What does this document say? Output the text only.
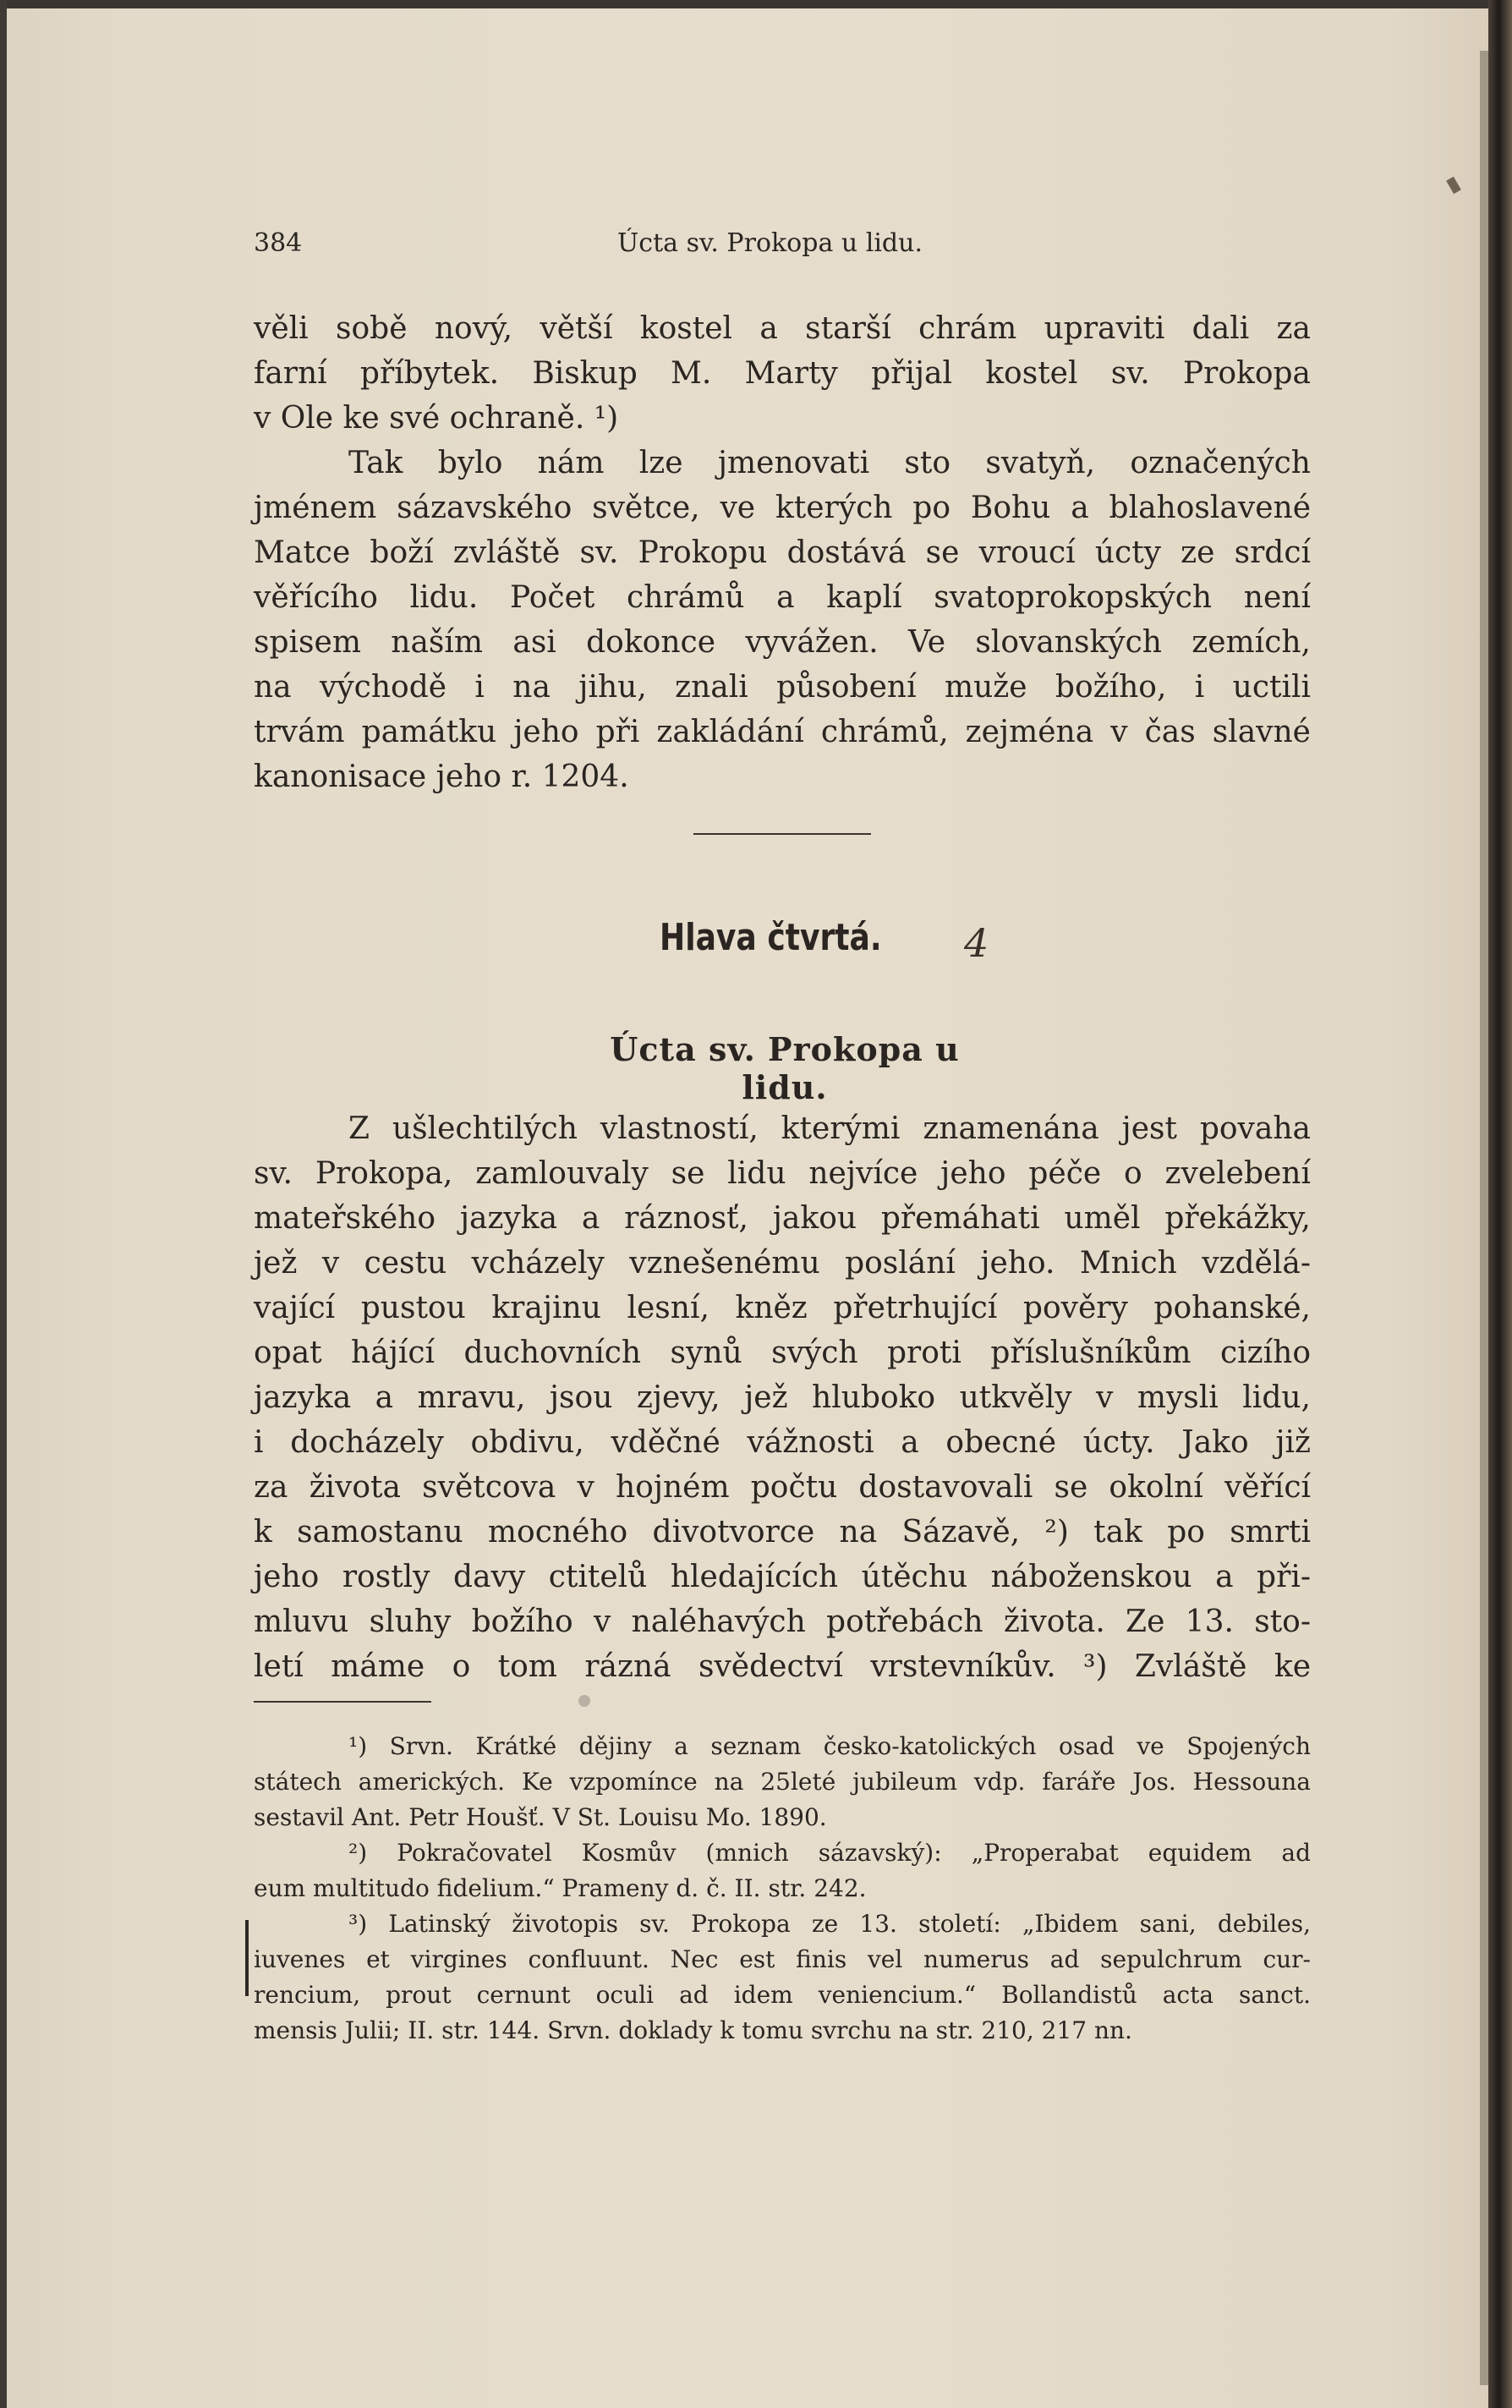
384	Úcta sv. Prokopa u lidu.
věli sobě nový, větší kostel a starší chrám upraviti dali za
farní příbytek. Biskup M. Marty přijal kostel sv. Prokopa
v Ole ke své ochraně. ¹)
Tak bylo nám lze jmenovati sto svatyň, označených
jménem sázavského světce, ve kterých po Bohu a blahoslavené
Matce boží zvláště sv. Prokopu dostává se vroucí úcty ze srdcí
věřícího lidu. Počet chrámů a kaplí svatoprokopských není
spisem naším asi dokonce vyvážen. Ve slovanských zemích,
na východě i na jihu, znali působení muže božího, i uctili
trvám památku jeho při zakládání chrámů, zejména v čas slavné
kanonisace jeho r. 1204.
Hlava čtvrtá. 4
Úcta sv. Prokopa u lidu.
Z ušlechtilých vlastností, kterými znamenána jest povaha
sv. Prokopa, zamlouvaly se lidu nejvíce jeho péče o zvelebení
mateřského jazyka a ráznosť, jakou přemáhati uměl překážky,
jež v cestu vcházely vznešenému poslání jeho. Mnich vzdělá-
vající pustou krajinu lesní, kněz přetrhující pověry pohanské,
opat hájící duchovních synů svých proti příslušníkům cizího
jazyka a mravu, jsou zjevy, jež hluboko utkvěly v mysli lidu,
i docházely obdivu, vděčné vážnosti a obecné úcty. Jako již
za života světcova v hojném počtu dostavovali se okolní věřící
k samostanu mocného divotvorce na Sázavě, ²) tak po smrti
jeho rostly davy ctitelů hledajících útěchu náboženskou a při-
mluvu sluhy božího v naléhavých potřebách života. Ze 13. sto-
letí máme o tom rázná svědectví vrstevníkův. ³) Zvláště ke
¹) Srvn. Krátké dějiny a seznam česko-katolických osad ve Spojených
státech amerických. Ke vzpomínce na 25leté jubileum vdp. faráře Jos. Hessouna
sestavil Ant. Petr Houšť. V St. Louisu Mo. 1890.
²) Pokračovatel Kosmův (mnich sázavský): „Properabat equidem ad
eum multitudo fidelium.“ Prameny d. č. II. str. 242.
³) Latinský životopis sv. Prokopa ze 13. století: „Ibidem sani, debiles,
iuvenes et virgines confluunt. Nec est finis vel numerus ad sepulchrum cur-
rencium, prout cernunt oculi ad idem veniencium.“ Bollandistů acta sanct.
mensis Julii; II. str. 144. Srvn. doklady k tomu svrchu na str. 210, 217 nn.
